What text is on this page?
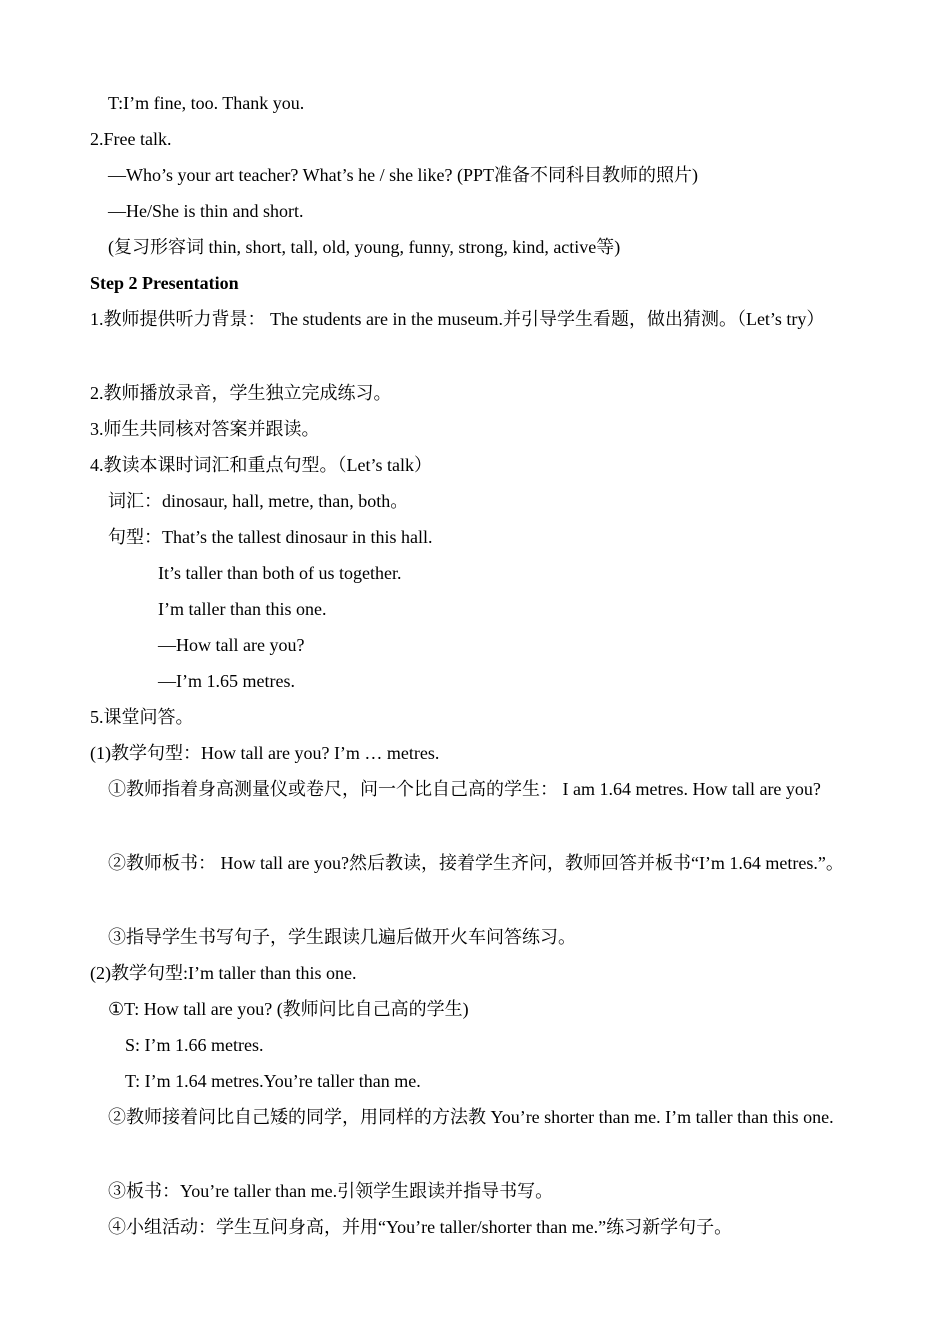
T:I’m fine, too. Thank you.
2.Free talk.
—Who’s your art teacher? What’s he / she like? (PPT准备不同科目教师的照片)
—He/She is thin and short.
(复习形容词 thin, short, tall, old, young, funny, strong, kind, active等)
Step 2 Presentation
1.教师提供听力背景： The students are in the museum.并引导学生看题，做出猜测。（Let’s try）
2.教师播放录音，学生独立完成练习。
3.师生共同核对答案并跟读。
4.教读本课时词汇和重点句型。（Let’s talk）
词汇：dinosaur, hall, metre, than, both。
句型：That’s the tallest dinosaur in this hall.
It’s taller than both of us together.
I’m taller than this one.
—How tall are you?
—I’m 1.65 metres.
5.课堂问答。
(1)教学句型：How tall are you? I’m … metres.
①教师指着身高测量仪或卷尺，问一个比自己高的学生： I am 1.64 metres. How tall are you?
②教师板书： How tall are you?然后教读，接着学生齐问，教师回答并板书“I’m 1.64 metres.”。
③指导学生书写句子，学生跟读几遍后做开火车问答练习。
(2)教学句型:I’m taller than this one.
①T: How tall are you? (教师问比自己高的学生)
S: I’m 1.66 metres.
T: I’m 1.64 metres.You’re taller than me.
②教师接着问比自己矮的同学，用同样的方法教 You’re shorter than me. I’m taller than this one.
③板书：You’re taller than me.引领学生跟读并指导书写。
④小组活动：学生互问身高，并用“You’re taller/shorter than me.”练习新学句子。
